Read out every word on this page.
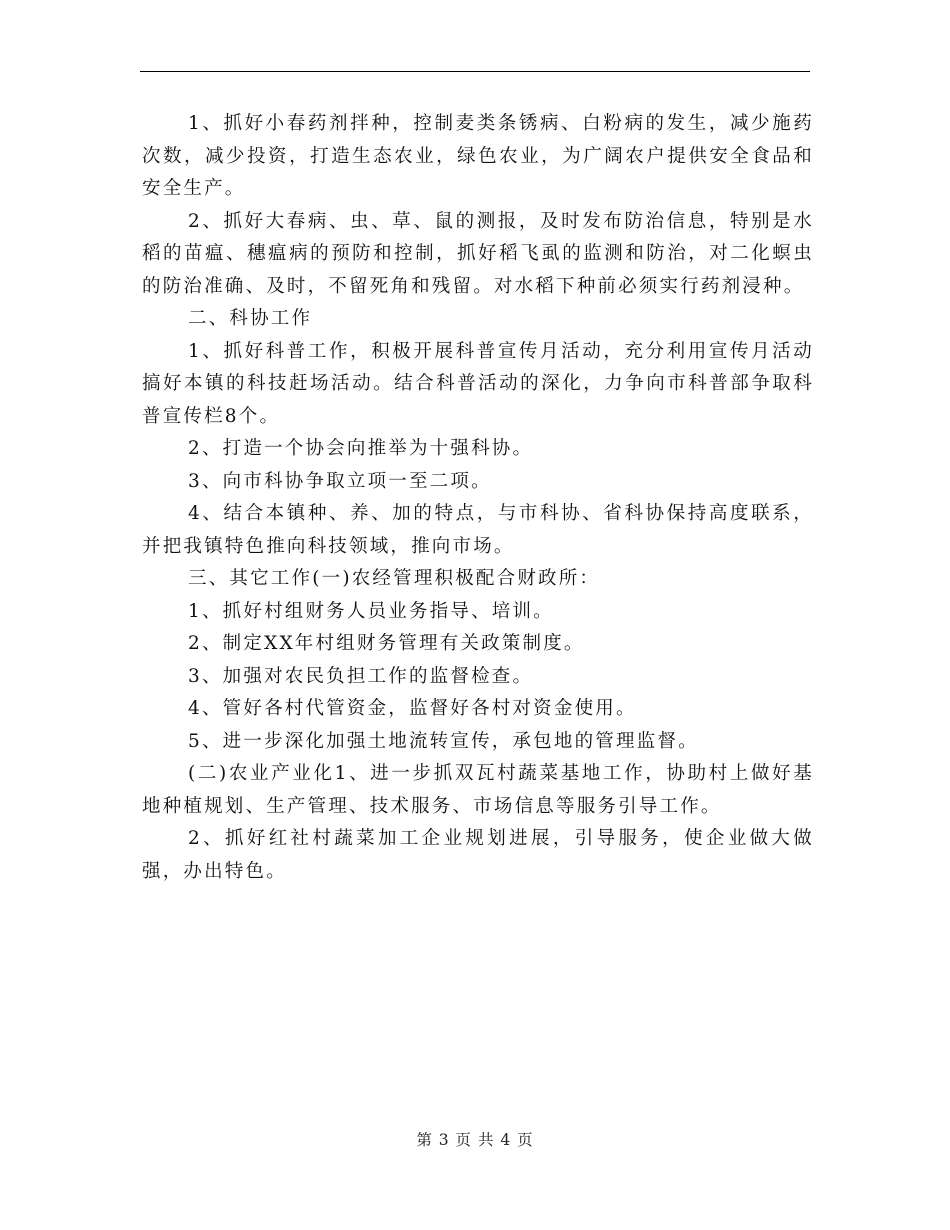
1、抓好小春药剂拌种，控制麦类条锈病、白粉病的发生，减少施药次数，减少投资，打造生态农业，绿色农业，为广阔农户提供安全食品和安全生产。

2、抓好大春病、虫、草、鼠的测报，及时发布防治信息，特别是水稻的苗瘟、穗瘟病的预防和控制，抓好稻飞虱的监测和防治，对二化螟虫的防治准确、及时，不留死角和残留。对水稻下种前必须实行药剂浸种。

二、科协工作

1、抓好科普工作，积极开展科普宣传月活动，充分利用宣传月活动搞好本镇的科技赶场活动。结合科普活动的深化，力争向市科普部争取科普宣传栏8个。

2、打造一个协会向推举为十强科协。

3、向市科协争取立项一至二项。

4、结合本镇种、养、加的特点，与市科协、省科协保持高度联系，并把我镇特色推向科技领域，推向市场。

三、其它工作(一)农经管理积极配合财政所：

1、抓好村组财务人员业务指导、培训。

2、制定XX年村组财务管理有关政策制度。

3、加强对农民负担工作的监督检查。

4、管好各村代管资金，监督好各村对资金使用。

5、进一步深化加强土地流转宣传，承包地的管理监督。

(二)农业产业化1、进一步抓双瓦村蔬菜基地工作，协助村上做好基地种植规划、生产管理、技术服务、市场信息等服务引导工作。

2、抓好红社村蔬菜加工企业规划进展，引导服务，使企业做大做强，办出特色。

第 3 页 共 4 页
